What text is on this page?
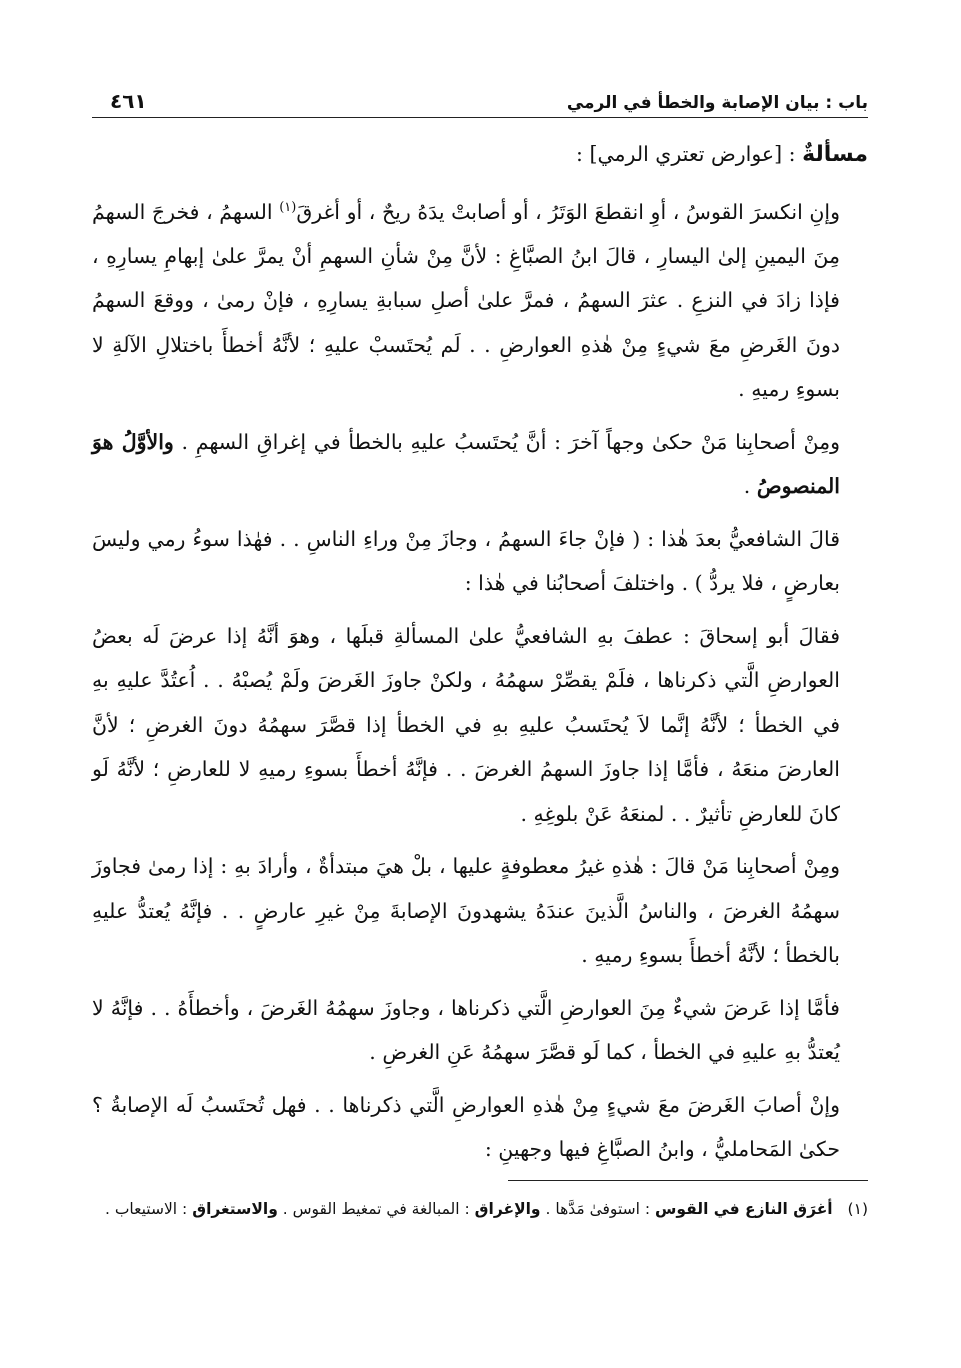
باب : بيان الإصابة والخطأ في الرمي
٤٦١

مسألةٌ : [عوارض تعتري الرمي] :

وإنِ انكسرَ القوسُ ، أوِ انقطعَ الوَتَرُ ، أو أصابتْ يدَهُ ريحٌ ، أو أغرقَ$^{(١)}$ السهمُ ، فخرجَ السهمُ مِنَ اليمينِ إلىٰ اليسارِ ، قالَ ابنُ الصبَّاغِ : لأنَّ مِنْ شأنِ السهمِ أنْ يمرَّ علىٰ إبهامِ يسارِهِ ، فإذا زادَ في النزعِ . عثرَ السهمُ ، فمرَّ علىٰ أصلِ سبابةِ يسارِهِ ، فإنْ رمىٰ ، ووقعَ السهمُ دونَ الغَرضِ معَ شيءٍ مِنْ هٰذهِ العوارضِ . . لَم يُحتَسبْ عليهِ ؛ لأنَّهُ أخطأَ باختلالِ الآلةِ لا بسوءِ رميهِ .

ومِنْ أصحابِنا مَنْ حكىٰ وجهاً آخرَ : أنَّ يُحتَسبُ عليهِ بالخطأ في إغراقِ السهمِ . والأوَّلُ هوَ المنصوصُ .

قالَ الشافعيُّ بعدَ هٰذا : ( فإنْ جاءَ السهمُ ، وجازَ مِنْ وراءِ الناسِ . . فهٰذا سوءُ رمي وليسَ بعارضٍ ، فلا يردُّ ) . واختلفَ أصحابُنا في هٰذا :

فقالَ أبو إسحاقَ : عطفَ بهِ الشافعيُّ علىٰ المسألةِ قبلَها ، وهوَ أنَّهُ إذا عرضَ لَه بعضُ العوارضِ الَّتي ذكرناها ، فلَمْ يقصِّرْ سهمُهُ ، ولكنْ جاوزَ الغَرضَ ولَمْ يُصبْهُ . . اُعتُدَّ عليهِ بهِ في الخطأ ؛ لأنَّهُ إنَّما لاَ يُحتَسبُ عليهِ بهِ في الخطأ إذا قصَّرَ سهمُهُ دونَ الغرضِ ؛ لأنَّ العارضَ منعَهُ ، فأمَّا إذا جاوزَ السهمُ الغرضَ . . فإنَّهُ أخطأَ بسوءِ رميهِ لا للعارضِ ؛ لأنَّهُ لَو كانَ للعارضِ تأثيرٌ . . لمنعَهُ عَنْ بلوغِهِ .

ومِنْ أصحابِنا مَنْ قالَ : هٰذهِ غيرُ معطوفةٍ عليها ، بلْ هيَ مبتدأةٌ ، وأرادَ بهِ : إذا رمىٰ فجاوزَ سهمُهُ الغرضَ ، والناسُ الَّذينَ عندَهُ يشهدونَ الإصابةَ مِنْ غيرِ عارضٍ . . فإنَّهُ يُعتدُّ عليهِ بالخطأ ؛ لأنَّهُ أخطأَ بسوءِ رميهِ .

فأمَّا إذا عَرضَ شيءٌ مِنَ العوارضِ الَّتي ذكرناها ، وجاوزَ سهمُهُ الغَرضَ ، وأخطأَهُ . . فإنَّهُ لا يُعتدُّ بهِ عليهِ في الخطأ ، كما لَو قصَّرَ سهمُهُ عَنِ الغرضِ .

وإنْ أصابَ الغَرضَ معَ شيءٍ مِنْ هٰذهِ العوارضِ الَّتي ذكرناها . . فهل تُحتَسبُ لَه الإصابةُ ؟ حكىٰ المَحامليُّ ، وابنُ الصبَّاغِ فيها وجهينِ :

(١) أغرَق النازع في القوس : استوفىٰ مَدَّها . والإغراق : المبالغة في تمغيط القوس . والاستغراق : الاستيعاب .
